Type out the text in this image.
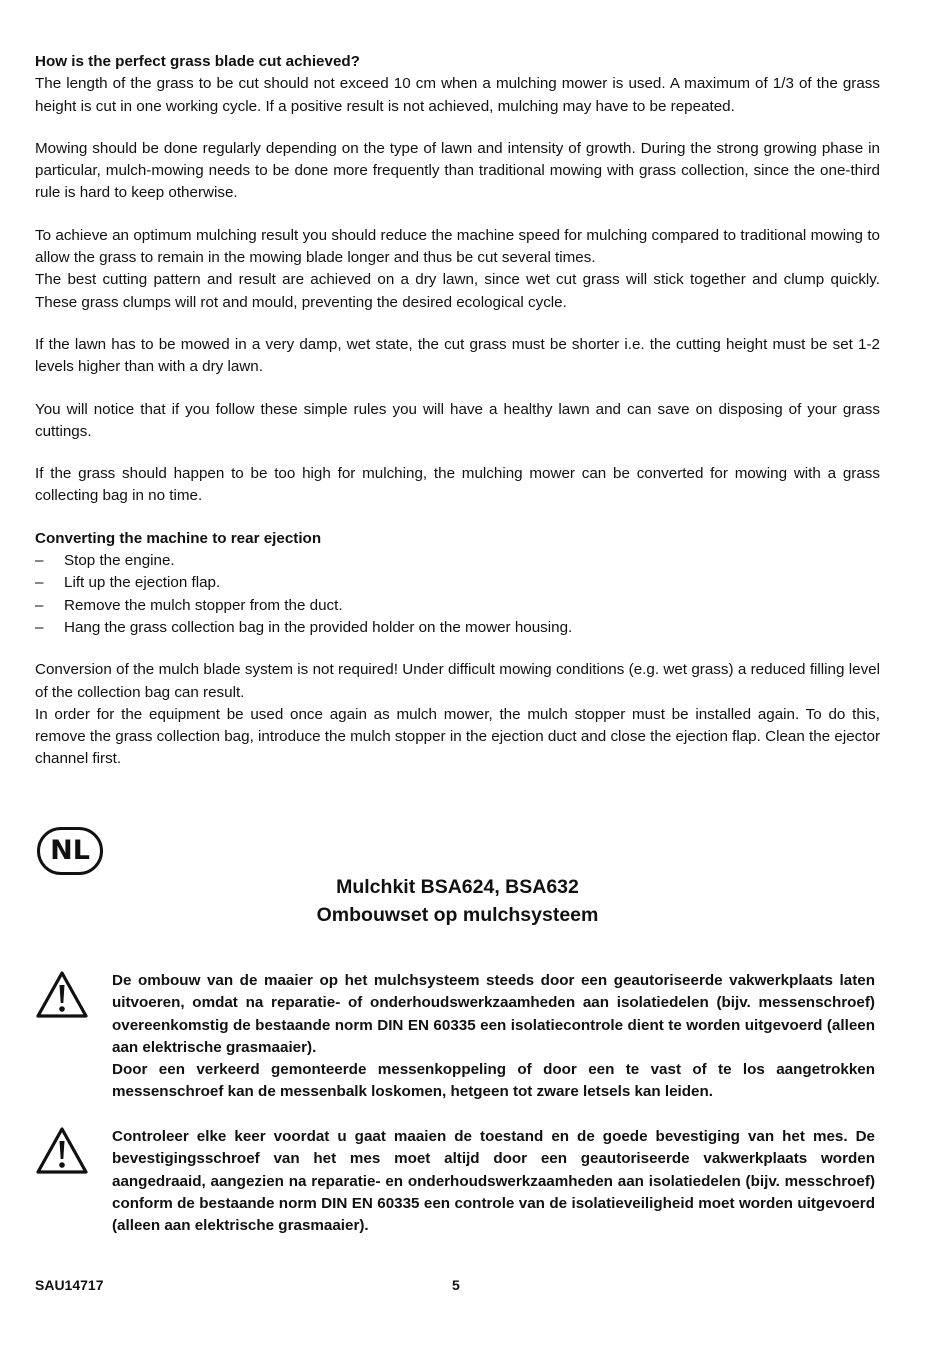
How is the perfect grass blade cut achieved?

The length of the grass to be cut should not exceed 10 cm when a mulching mower is used. A maximum of 1/3 of the grass height is cut in one working cycle. If a positive result is not achieved, mulching may have to be repeated.

Mowing should be done regularly depending on the type of lawn and intensity of growth. During the strong growing phase in particular, mulch-mowing needs to be done more frequently than traditional mowing with grass collection, since the one-third rule is hard to keep otherwise.

To achieve an optimum mulching result you should reduce the machine speed for mulching compared to traditional mowing to allow the grass to remain in the mowing blade longer and thus be cut several times.

The best cutting pattern and result are achieved on a dry lawn, since wet cut grass will stick together and clump quickly. These grass clumps will rot and mould, preventing the desired ecological cycle.

If the lawn has to be mowed in a very damp, wet state, the cut grass must be shorter i.e. the cutting height must be set 1-2 levels higher than with a dry lawn.

You will notice that if you follow these simple rules you will have a healthy lawn and can save on disposing of your grass cuttings.

If the grass should happen to be too high for mulching, the mulching mower can be converted for mowing with a grass collecting bag in no time.

Converting the machine to rear ejection

– Stop the engine.
– Lift up the ejection flap.
– Remove the mulch stopper from the duct.
– Hang the grass collection bag in the provided holder on the mower housing.

Conversion of the mulch blade system is not required! Under difficult mowing conditions (e.g. wet grass) a reduced filling level of the collection bag can result.

In order for the equipment be used once again as mulch mower, the mulch stopper must be installed again. To do this, remove the grass collection bag, introduce the mulch stopper in the ejection duct and close the ejection flap. Clean the ejector channel first.

NL
Mulchkit BSA624, BSA632
Ombouwset op mulchsysteem

De ombouw van de maaier op het mulchsysteem steeds door een geautoriseerde vakwerkplaats laten uitvoeren, omdat na reparatie- of onderhoudswerkzaamheden aan isolatiedelen (bijv. messenschroef) overeenkomstig de bestaande norm DIN EN 60335 een isolatiecontrole dient te worden uitgevoerd (alleen aan elektrische grasmaaier).

Door een verkeerd gemonteerde messenkoppeling of door een te vast of te los aangetrokken messenschroef kan de messenbalk loskomen, hetgeen tot zware letsels kan leiden.

Controleer elke keer voordat u gaat maaien de toestand en de goede bevestiging van het mes. De bevestigingsschroef van het mes moet altijd door een geautoriseerde vakwerkplaats worden aangedraaid, aangezien na reparatie- en onderhoudswerkzaamheden aan isolatiedelen (bijv. messchroef) conform de bestaande norm DIN EN 60335 een controle van de isolatieveiligheid moet worden uitgevoerd (alleen aan elektrische grasmaaier).

SAU14717	5
